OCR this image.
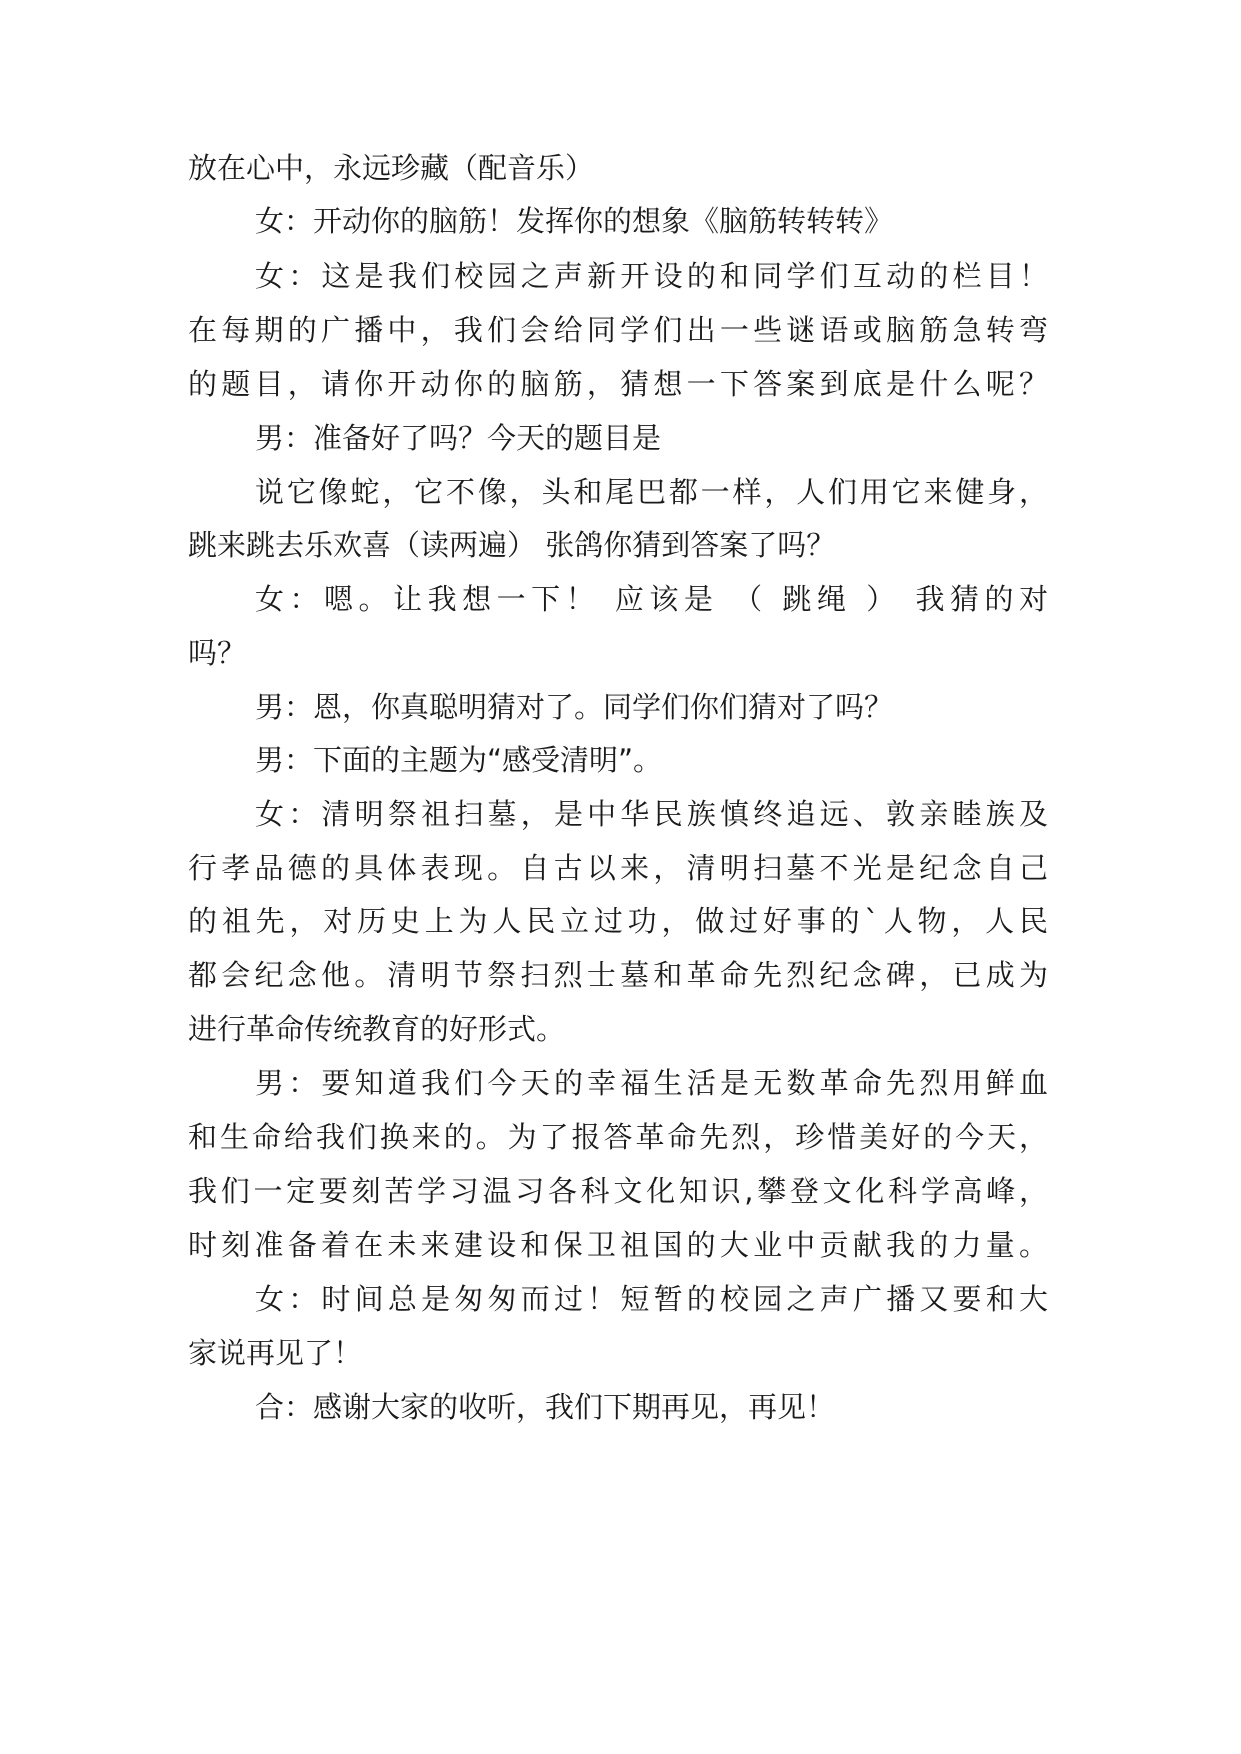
放在心中，永远珍藏（配音乐）
女：开动你的脑筋！发挥你的想象《脑筋转转转》
女：这是我们校园之声新开设的和同学们互动的栏目！
在每期的广播中，我们会给同学们出一些谜语或脑筋急转弯
的题目，请你开动你的脑筋，猜想一下答案到底是什么呢？
男：准备好了吗？今天的题目是
说它像蛇，它不像，头和尾巴都一样，人们用它来健身，
跳来跳去乐欢喜（读两遍） 张鸽你猜到答案了吗？
女：嗯。让我想一下！ 应该是 （ 跳绳 ） 我猜的对
吗？
男：恩，你真聪明猜对了。同学们你们猜对了吗？
男：下面的主题为“感受清明”。
女：清明祭祖扫墓，是中华民族慎终追远、敦亲睦族及
行孝品德的具体表现。自古以来，清明扫墓不光是纪念自己
的祖先，对历史上为人民立过功，做过好事的`人物，人民
都会纪念他。清明节祭扫烈士墓和革命先烈纪念碑，已成为
进行革命传统教育的好形式。
男：要知道我们今天的幸福生活是无数革命先烈用鲜血
和生命给我们换来的。为了报答革命先烈，珍惜美好的今天，
我们一定要刻苦学习温习各科文化知识,攀登文化科学高峰，
时刻准备着在未来建设和保卫祖国的大业中贡献我的力量。
女：时间总是匆匆而过！短暂的校园之声广播又要和大
家说再见了！
合：感谢大家的收听，我们下期再见，再见！
